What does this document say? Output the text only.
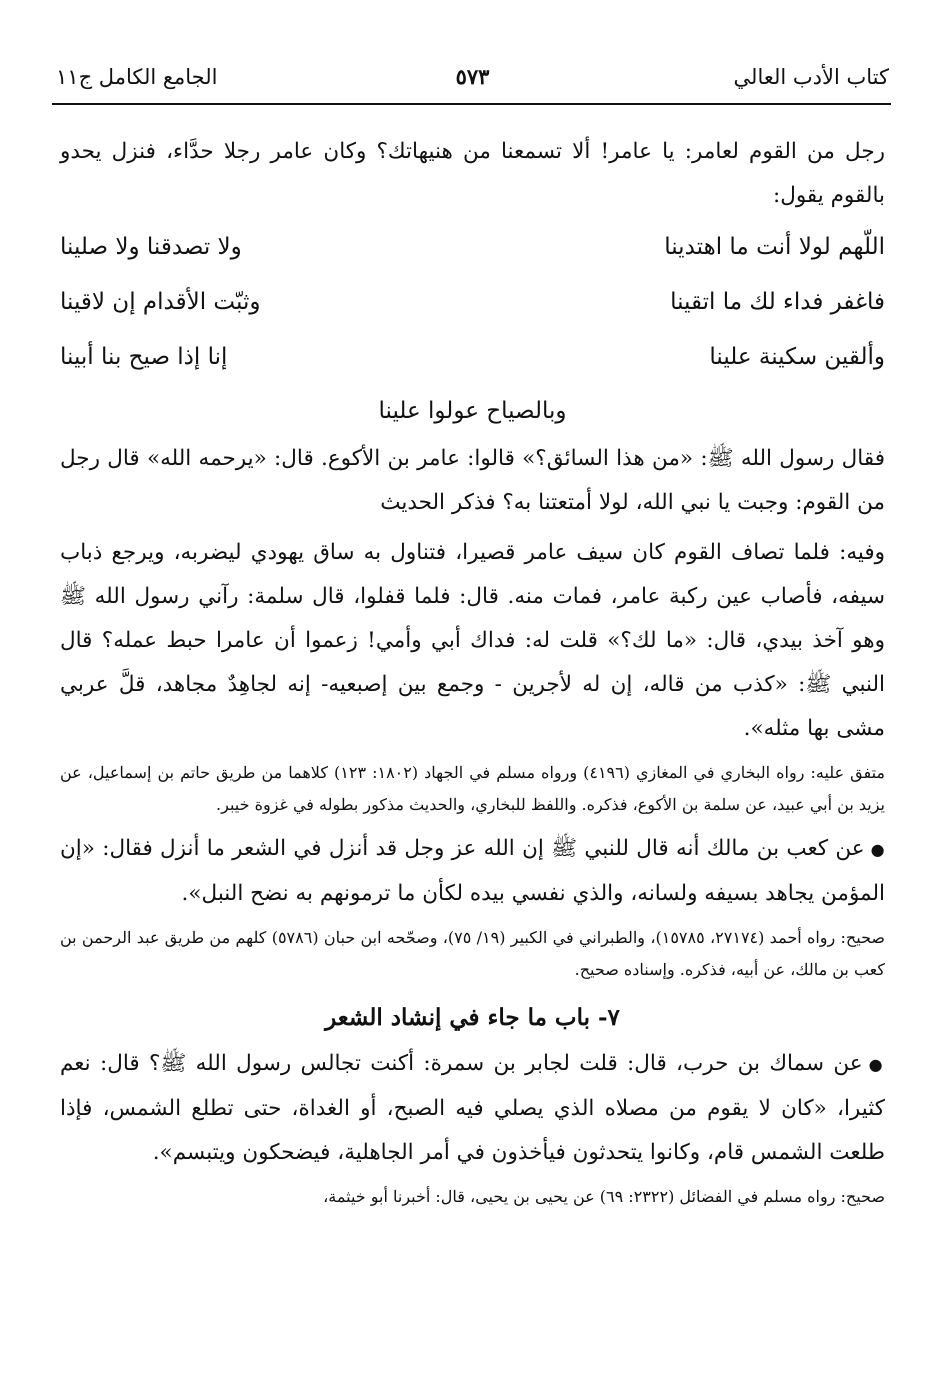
كتاب الأدب العالي
٥٧٣
الجامع الكامل ج١١

رجل من القوم لعامر: يا عامر! ألا تسمعنا من هنيهاتك؟ وكان عامر رجلا حدَّاء، فنزل يحدو بالقوم يقول:

اللّهم لولا أنت ما اهتدينا
ولا تصدقنا ولا صلينا
فاغفر فداء لك ما اتقينا
وثبّت الأقدام إن لاقينا
وألقين سكينة علينا
إنا إذا صيح بنا أبينا
وبالصياح عولوا علينا

فقال رسول الله ﷺ: «من هذا السائق؟» قالوا: عامر بن الأكوع. قال: «يرحمه الله» قال رجل من القوم: وجبت يا نبي الله، لولا أمتعتنا به؟ فذكر الحديث

وفيه: فلما تصاف القوم كان سيف عامر قصيرا، فتناول به ساق يهودي ليضربه، ويرجع ذباب سيفه، فأصاب عين ركبة عامر، فمات منه. قال: فلما قفلوا، قال سلمة: رآني رسول الله ﷺ وهو آخذ بيدي، قال: «ما لك؟» قلت له: فداك أبي وأمي! زعموا أن عامرا حبط عمله؟ قال النبي ﷺ: «كذب من قاله، إن له لأجرين - وجمع بين إصبعيه- إنه لجاهِدٌ مجاهد، قلَّ عربي مشى بها مثله».

متفق عليه: رواه البخاري في المغازي (٤١٩٦) ورواه مسلم في الجهاد (١٨٠٢: ١٢٣) كلاهما من طريق حاتم بن إسماعيل، عن يزيد بن أبي عبيد، عن سلمة بن الأكوع، فذكره. واللفظ للبخاري، والحديث مذكور بطوله في غزوة خيبر.

●عن كعب بن مالك أنه قال للنبي ﷺ إن الله عز وجل قد أنزل في الشعر ما أنزل فقال: «إن المؤمن يجاهد بسيفه ولسانه، والذي نفسي بيده لكأن ما ترمونهم به نضح النبل».

صحيح: رواه أحمد (٢٧١٧٤، ١٥٧٨٥)، والطبراني في الكبير (١٩/ ٧٥)، وصحّحه ابن حبان (٥٧٨٦) كلهم من طريق عبد الرحمن بن كعب بن مالك، عن أبيه، فذكره. وإسناده صحيح.

٧- باب ما جاء في إنشاد الشعر

●عن سماك بن حرب، قال: قلت لجابر بن سمرة: أكنت تجالس رسول الله ﷺ؟ قال: نعم كثيرا، «كان لا يقوم من مصلاه الذي يصلي فيه الصبح، أو الغداة، حتى تطلع الشمس، فإذا طلعت الشمس قام، وكانوا يتحدثون فيأخذون في أمر الجاهلية، فيضحكون ويتبسم».

صحيح: رواه مسلم في الفضائل (٢٣٢٢: ٦٩) عن يحيى بن يحيى، قال: أخبرنا أبو خيثمة،
